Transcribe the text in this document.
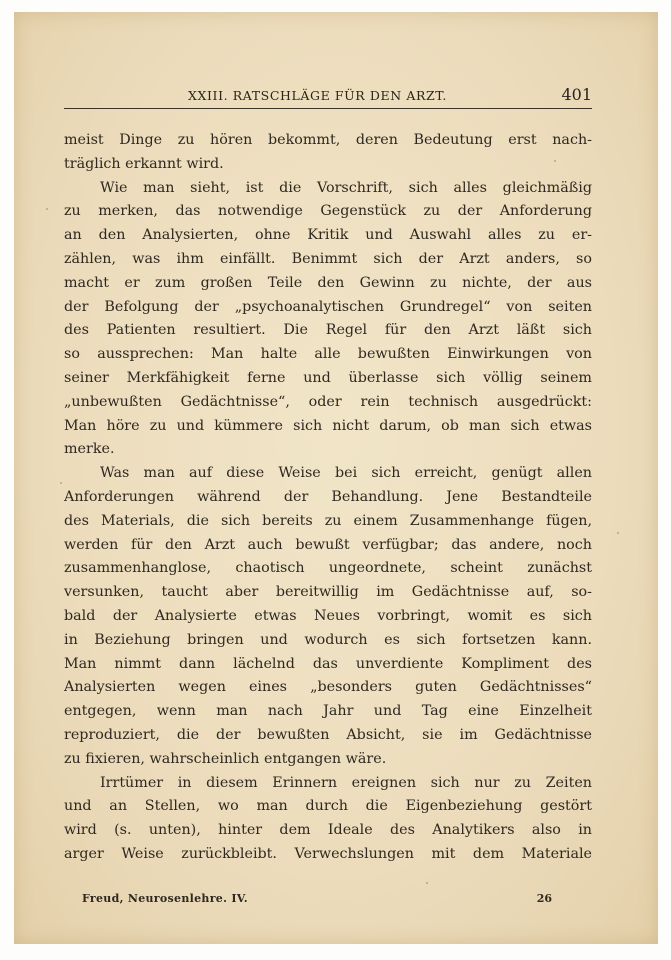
XXIII. RATSCHLÄGE FÜR DEN ARZT.	401
meist Dinge zu hören bekommt, deren Bedeutung erst nach-
träglich erkannt wird.
Wie man sieht, ist die Vorschrift, sich alles gleichmäßig
zu merken, das notwendige Gegenstück zu der Anforderung
an den Analysierten, ohne Kritik und Auswahl alles zu er-
zählen, was ihm einfällt. Benimmt sich der Arzt anders, so
macht er zum großen Teile den Gewinn zu nichte, der aus
der Befolgung der „psychoanalytischen Grundregel“ von seiten
des Patienten resultiert. Die Regel für den Arzt läßt sich
so aussprechen: Man halte alle bewußten Einwirkungen von
seiner Merkfähigkeit ferne und überlasse sich völlig seinem
„unbewußten Gedächtnisse“, oder rein technisch ausgedrückt:
Man höre zu und kümmere sich nicht darum, ob man sich etwas
merke.
Was man auf diese Weise bei sich erreicht, genügt allen
Anforderungen während der Behandlung. Jene Bestandteile
des Materials, die sich bereits zu einem Zusammenhange fügen,
werden für den Arzt auch bewußt verfügbar; das andere, noch
zusammenhanglose, chaotisch ungeordnete, scheint zunächst
versunken, taucht aber bereitwillig im Gedächtnisse auf, so-
bald der Analysierte etwas Neues vorbringt, womit es sich
in Beziehung bringen und wodurch es sich fortsetzen kann.
Man nimmt dann lächelnd das unverdiente Kompliment des
Analysierten wegen eines „besonders guten Gedächtnisses“
entgegen, wenn man nach Jahr und Tag eine Einzelheit
reproduziert, die der bewußten Absicht, sie im Gedächtnisse
zu fixieren, wahrscheinlich entgangen wäre.
Irrtümer in diesem Erinnern ereignen sich nur zu Zeiten
und an Stellen, wo man durch die Eigenbeziehung gestört
wird (s. unten), hinter dem Ideale des Analytikers also in
arger Weise zurückbleibt. Verwechslungen mit dem Materiale
Freud, Neurosenlehre. IV.	26
